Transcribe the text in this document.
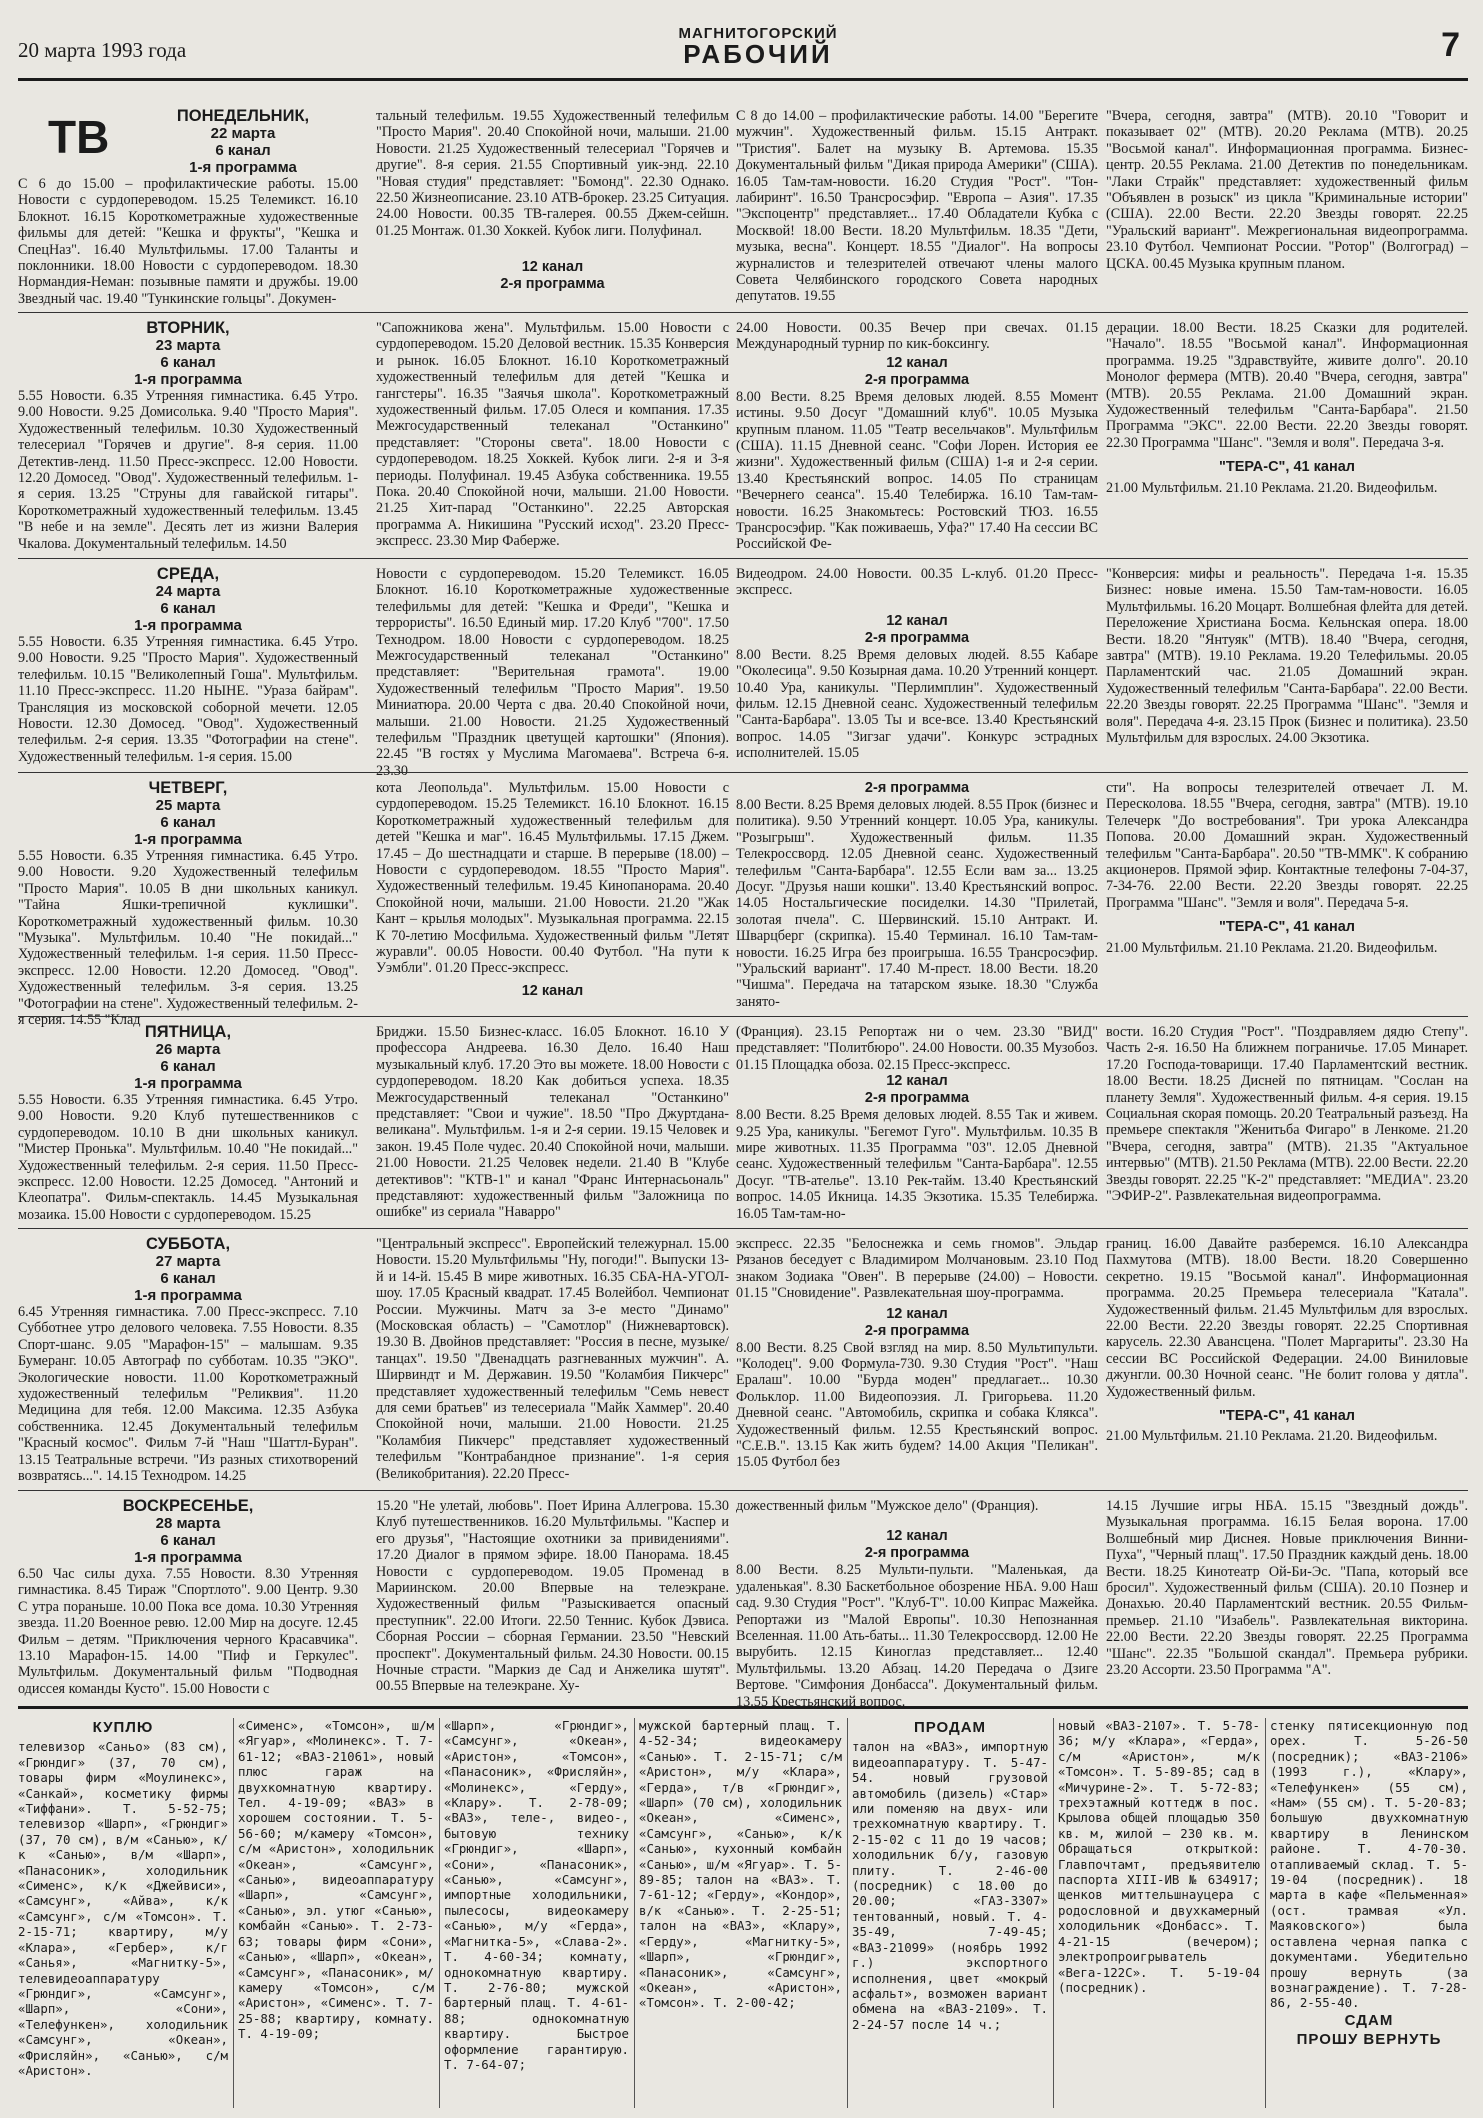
20 марта 1993 года
МАГНИТОГОРСКИЙ
РАБОЧИЙ	7
ТВ	ПОНЕДЕЛЬНИК,
22 марта
6 канал
1-я программа
С 6 до 15.00 – профилактические работы. 15.00 Новости с сурдопереводом. 15.25 Телемикст. 16.10 Блокнот. 16.15 Короткометражные художественные фильмы для детей: "Кешка и фрукты", "Кешка и СпецНаз". 16.40 Мультфильмы. 17.00 Таланты и поклонники. 18.00 Новости с сурдопереводом. 18.30 Нормандия-Неман: позывные памяти и дружбы. 19.00 Звездный час. 19.40 "Тункинские гольцы". Докумен-
тальный телефильм. 19.55 Художественный телефильм "Просто Мария". 20.40 Спокойной ночи, малыши. 21.00 Новости. 21.25 Художественный телесериал "Горячев и другие". 8-я серия. 21.55 Спортивный уик-энд. 22.10 "Новая студия" представляет: "Бомонд". 22.30 Однако. 22.50 Жизнеописание. 23.10 АТВ-брокер. 23.25 Ситуация. 24.00 Новости. 00.35 ТВ-галерея. 00.55 Джем-сейшн. 01.25 Монтаж. 01.30 Хоккей. Кубок лиги. Полуфинал.
12 канал
2-я программа
С 8 до 14.00 – профилактические работы. 14.00 "Берегите мужчин". Художественный фильм. 15.15 Антракт. "Тристия". Балет на музыку В. Артемова. 15.35 Документальный фильм "Дикая природа Америки" (США). 16.05 Там-там-новости. 16.20 Студия "Рост". "Тон-лабиринт". 16.50 Трансросэфир. "Европа – Азия". 17.35 "Экспоцентр" представляет... 17.40 Обладатели Кубка с Москвой! 18.00 Вести. 18.20 Мультфильм. 18.35 "Дети, музыка, весна". Концерт. 18.55 "Диалог". На вопросы журналистов и телезрителей отвечают члены малого Совета Челябинского городского Совета народных депутатов. 19.55
"Вчера, сегодня, завтра" (МТВ). 20.10 "Говорит и показывает 02" (МТВ). 20.20 Реклама (МТВ). 20.25 "Восьмой канал". Информационная программа. Бизнес-центр. 20.55 Реклама. 21.00 Детектив по понедельникам. "Лаки Страйк" представляет: художественный фильм "Объявлен в розыск" из цикла "Криминальные истории" (США). 22.00 Вести. 22.20 Звезды говорят. 22.25 "Уральский вариант". Межрегиональная видеопрограмма. 23.10 Футбол. Чемпионат России. "Ротор" (Волгоград) – ЦСКА. 00.45 Музыка крупным планом.
ВТОРНИК,
23 марта
6 канал
1-я программа
5.55 Новости. 6.35 Утренняя гимнастика. 6.45 Утро. 9.00 Новости. 9.25 Домисолька. 9.40 "Просто Мария". Художественный телефильм. 10.30 Художественный телесериал "Горячев и другие". 8-я серия. 11.00 Детектив-ленд. 11.50 Пресс-экспресс. 12.00 Новости. 12.20 Домосед. "Овод". Художественный телефильм. 1-я серия. 13.25 "Струны для гавайской гитары". Короткометражный художественный телефильм. 13.45 "В небе и на земле". Десять лет из жизни Валерия Чкалова. Документальный телефильм. 14.50
"Сапожникова жена". Мультфильм. 15.00 Новости с сурдопереводом. 15.20 Деловой вестник. 15.35 Конверсия и рынок. 16.05 Блокнот. 16.10 Короткометражный художественный телефильм для детей "Кешка и гангстеры". 16.35 "Заячья школа". Короткометражный художественный фильм. 17.05 Олеся и компания. 17.35 Межгосударственный телеканал "Останкино" представляет: "Стороны света". 18.00 Новости с сурдопереводом. 18.25 Хоккей. Кубок лиги. 2-я и 3-я периоды. Полуфинал. 19.45 Азбука собственника. 19.55 Пока. 20.40 Спокойной ночи, малыши. 21.00 Новости. 21.25 Хит-парад "Останкино". 22.25 Авторская программа А. Никишина "Русский исход". 23.20 Пресс-экспресс. 23.30 Мир Фаберже.
24.00 Новости. 00.35 Вечер при свечах. 01.15 Международный турнир по кик-боксингу.
12 канал
2-я программа
8.00 Вести. 8.25 Время деловых людей. 8.55 Момент истины. 9.50 Досуг "Домашний клуб". 10.05 Музыка крупным планом. 11.05 "Театр весельчаков". Мультфильм (США). 11.15 Дневной сеанс. "Софи Лорен. История ее жизни". Художественный фильм (США) 1-я и 2-я серии. 13.40 Крестьянский вопрос. 14.05 По страницам "Вечернего сеанса". 15.40 Телебиржа. 16.10 Там-там-новости. 16.25 Знакомьтесь: Ростовский ТЮЗ. 16.55 Трансросэфир. "Как поживаешь, Уфа?" 17.40 На сессии ВС Российской Фе-
дерации. 18.00 Вести. 18.25 Сказки для родителей. "Начало". 18.55 "Восьмой канал". Информационная программа. 19.25 "Здравствуйте, живите долго". 20.10 Монолог фермера (МТВ). 20.40 "Вчера, сегодня, завтра" (МТВ). 20.55 Реклама. 21.00 Домашний экран. Художественный телефильм "Санта-Барбара". 21.50 Программа "ЭКС". 22.00 Вести. 22.20 Звезды говорят. 22.30 Программа "Шанс". "Земля и воля". Передача 3-я.
"ТЕРА-С", 41 канал
21.00 Мультфильм. 21.10 Реклама. 21.20. Видеофильм.
СРЕДА,
24 марта
6 канал
1-я программа
5.55 Новости. 6.35 Утренняя гимнастика. 6.45 Утро. 9.00 Новости. 9.25 "Просто Мария". Художественный телефильм. 10.15 "Великолепный Гоша". Мультфильм. 11.10 Пресс-экспресс. 11.20 НЫНЕ. "Ураза байрам". Трансляция из московской соборной мечети. 12.05 Новости. 12.30 Домосед. "Овод". Художественный телефильм. 2-я серия. 13.35 "Фотографии на стене". Художественный телефильм. 1-я серия. 15.00
Новости с сурдопереводом. 15.20 Телемикст. 16.05 Блокнот. 16.10 Короткометражные художественные телефильмы для детей: "Кешка и Фреди", "Кешка и террористы". 16.50 Единый мир. 17.20 Клуб "700". 17.50 Технодром. 18.00 Новости с сурдопереводом. 18.25 Межгосударственный телеканал "Останкино" представляет: "Верительная грамота". 19.00 Художественный телефильм "Просто Мария". 19.50 Миниатюра. 20.00 Черта с два. 20.40 Спокойной ночи, малыши. 21.00 Новости. 21.25 Художественный телефильм "Праздник цветущей картошки" (Япония). 22.45 "В гостях у Муслима Магомаева". Встреча 6-я. 23.30
Видеодром. 24.00 Новости. 00.35 L-клуб. 01.20 Пресс-экспресс.
12 канал
2-я программа
8.00 Вести. 8.25 Время деловых людей. 8.55 Кабаре "Околесица". 9.50 Козырная дама. 10.20 Утренний концерт. 10.40 Ура, каникулы. "Перлимплин". Художественный фильм. 12.15 Дневной сеанс. Художественный телефильм "Санта-Барбара". 13.05 Ты и все-все. 13.40 Крестьянский вопрос. 14.05 "Зигзаг удачи". Конкурс эстрадных исполнителей. 15.05
"Конверсия: мифы и реальность". Передача 1-я. 15.35 Бизнес: новые имена. 15.50 Там-там-новости. 16.05 Мультфильмы. 16.20 Моцарт. Волшебная флейта для детей. Переложение Христиана Босма. Кельнская опера. 18.00 Вести. 18.20 "Янтуяк" (МТВ). 18.40 "Вчера, сегодня, завтра" (МТВ). 19.10 Реклама. 19.20 Телефильмы. 20.05 Парламентский час. 21.05 Домашний экран. Художественный телефильм "Санта-Барбара". 22.00 Вести. 22.20 Звезды говорят. 22.25 Программа "Шанс". "Земля и воля". Передача 4-я. 23.15 Прок (Бизнес и политика). 23.50 Мультфильм для взрослых. 24.00 Экзотика.
ЧЕТВЕРГ,
25 марта
6 канал
1-я программа
5.55 Новости. 6.35 Утренняя гимнастика. 6.45 Утро. 9.00 Новости. 9.20 Художественный телефильм "Просто Мария". 10.05 В дни школьных каникул. "Тайна Яшки-трепичной куклишки". Короткометражный художественный фильм. 10.30 "Музыка". Мультфильм. 10.40 "Не покидай..." Художественный телефильм. 1-я серия. 11.50 Пресс-экспресс. 12.00 Новости. 12.20 Домосед. "Овод". Художественный телефильм. 3-я серия. 13.25 "Фотографии на стене". Художественный телефильм. 2-я серия. 14.55 "Клад
кота Леопольда". Мультфильм. 15.00 Новости с сурдопереводом. 15.25 Телемикст. 16.10 Блокнот. 16.15 Короткометражный художественный телефильм для детей "Кешка и маг". 16.45 Мультфильмы. 17.15 Джем. 17.45 – До шестнадцати и старше. В перерыве (18.00) – Новости с сурдопереводом. 18.55 "Просто Мария". Художественный телефильм. 19.45 Кинопанорама. 20.40 Спокойной ночи, малыши. 21.00 Новости. 21.20 "Жак Кант – крылья молодых". Музыкальная программа. 22.15 К 70-летию Мосфильма. Художественный фильм "Летят журавли". 00.05 Новости. 00.40 Футбол. "На пути к Уэмбли". 01.20 Пресс-экспресс.
12 канал
2-я программа
8.00 Вести. 8.25 Время деловых людей. 8.55 Прок (бизнес и политика). 9.50 Утренний концерт. 10.05 Ура, каникулы. "Розыгрыш". Художественный фильм. 11.35 Телекроссворд. 12.05 Дневной сеанс. Художественный телефильм "Санта-Барбара". 12.55 Если вам за... 13.25 Досуг. "Друзья наши кошки". 13.40 Крестьянский вопрос. 14.05 Ностальгические посиделки. 14.30 "Прилетай, золотая пчела". С. Шервинский. 15.10 Антракт. И. Шварцберг (скрипка). 15.40 Терминал. 16.10 Там-там-новости. 16.25 Игра без проигрыша. 16.55 Трансросэфир. "Уральский вариант". 17.40 М-прест. 18.00 Вести. 18.20 "Чишма". Передача на татарском языке. 18.30 "Служба занято-
сти". На вопросы телезрителей отвечает Л. М. Пересколова. 18.55 "Вчера, сегодня, завтра" (МТВ). 19.10 Телечерк "До востребования". Три урока Александра Попова. 20.00 Домашний экран. Художественный телефильм "Санта-Барбара". 20.50 "ТВ-ММК". К собранию акционеров. Прямой эфир. Контактные телефоны 7-04-37, 7-34-76. 22.00 Вести. 22.20 Звезды говорят. 22.25 Программа "Шанс". "Земля и воля". Передача 5-я.
"ТЕРА-С", 41 канал
21.00 Мультфильм. 21.10 Реклама. 21.20. Видеофильм.
ПЯТНИЦА,
26 марта
6 канал
1-я программа
5.55 Новости. 6.35 Утренняя гимнастика. 6.45 Утро. 9.00 Новости. 9.20 Клуб путешественников с сурдопереводом. 10.10 В дни школьных каникул. "Мистер Пронька". Мультфильм. 10.40 "Не покидай..." Художественный телефильм. 2-я серия. 11.50 Пресс-экспресс. 12.00 Новости. 12.25 Домосед. "Антоний и Клеопатра". Фильм-спектакль. 14.45 Музыкальная мозаика. 15.00 Новости с сурдопереводом. 15.25
Бриджи. 15.50 Бизнес-класс. 16.05 Блокнот. 16.10 У профессора Андреева. 16.30 Дело. 16.40 Наш музыкальный клуб. 17.20 Это вы можете. 18.00 Новости с сурдопереводом. 18.20 Как добиться успеха. 18.35 Межгосударственный телеканал "Останкино" представляет: "Свои и чужие". 18.50 "Про Джуртдана-великана". Мультфильм. 1-я и 2-я серии. 19.15 Человек и закон. 19.45 Поле чудес. 20.40 Спокойной ночи, малыши. 21.00 Новости. 21.25 Человек недели. 21.40 В "Клубе детективов": "КТВ-1" и канал "Франс Интернасьональ" представляют: художественный фильм "Заложница по ошибке" из сериала "Наварро"
(Франция). 23.15 Репортаж ни о чем. 23.30 "ВИД" представляет: "Политбюро". 24.00 Новости. 00.35 Музобоз. 01.15 Площадка обоза. 02.15 Пресс-экспресс.
12 канал
2-я программа
8.00 Вести. 8.25 Время деловых людей. 8.55 Так и живем. 9.25 Ура, каникулы. "Бегемот Гуго". Мультфильм. 10.35 В мире животных. 11.35 Программа "03". 12.05 Дневной сеанс. Художественный телефильм "Санта-Барбара". 12.55 Досуг. "ТВ-ательe". 13.10 Рек-тайм. 13.40 Крестьянский вопрос. 14.05 Икница. 14.35 Экзотика. 15.35 Телебиржа. 16.05 Там-там-но-
вости. 16.20 Студия "Рост". "Поздравляем дядю Степу". Часть 2-я. 16.50 На ближнем пограничье. 17.05 Минарет. 17.20 Господа-товарищи. 17.40 Парламентский вестник. 18.00 Вести. 18.25 Дисней по пятницам. "Сослан на планету Земля". Художественный фильм. 4-я серия. 19.15 Социальная скорая помощь. 20.20 Театральный разъезд. На премьере спектакля "Женитьба Фигаро" в Ленкоме. 21.20 "Вчера, сегодня, завтра" (МТВ). 21.35 "Актуальное интервью" (МТВ). 21.50 Реклама (МТВ). 22.00 Вести. 22.20 Звезды говорят. 22.25 "К-2" представляет: "МЕДИА". 23.20 "ЭФИР-2". Развлекательная видеопрограмма.
СУББОТА,
27 марта
6 канал
1-я программа
6.45 Утренняя гимнастика. 7.00 Пресс-экспресс. 7.10 Субботнее утро делового человека. 7.55 Новости. 8.35 Спорт-шанс. 9.05 "Марафон-15" – малышам. 9.35 Бумеранг. 10.05 Автограф по субботам. 10.35 "ЭКО". Экологические новости. 11.00 Короткометражный художественный телефильм "Реликвия". 11.20 Медицина для тебя. 12.00 Максима. 12.35 Азбука собственника. 12.45 Документальный телефильм "Красный космос". Фильм 7-й "Наш "Шаттл-Буран". 13.15 Театральные встречи. "Из разных стихотворений возвратясь...". 14.15 Технодром. 14.25
"Центральный экспресс". Европейский тележурнал. 15.00 Новости. 15.20 Мультфильмы "Ну, погоди!". Выпуски 13-й и 14-й. 15.45 В мире животных. 16.35 СБА-НА-УГОЛ-шоу. 17.05 Красный квадрат. 17.45 Волейбол. Чемпионат России. Мужчины. Матч за 3-е место "Динамо" (Московская область) – "Самотлор" (Нижневартовск). 19.30 В. Двойнов представляет: "Россия в песне, музыке/танцах". 19.50 "Двенадцать разгневанных мужчин". А. Ширвиндт и М. Державин. 19.50 "Коламбия Пикчерс" представляет художественный телефильм "Семь невест для семи братьев" из телесериала "Майк Хаммер". 20.40 Спокойной ночи, малыши. 21.00 Новости. 21.25 "Коламбия Пикчерс" представляет художественный телефильм "Контрабандное признание". 1-я серия (Великобритания). 22.20 Пресс-
экспресс. 22.35 "Белоснежка и семь гномов". Эльдар Рязанов беседует с Владимиром Молчановым. 23.10 Под знаком Зодиака "Овен". В перерыве (24.00) – Новости. 01.15 "Сновидение". Развлекательная шоу-программа.
12 канал
2-я программа
8.00 Вести. 8.25 Свой взгляд на мир. 8.50 Мультипульти. "Колодец". 9.00 Формула-730. 9.30 Студия "Рост". "Наш Ералаш". 10.00 "Бурда моден" предлагает... 10.30 Фольклор. 11.00 Видеопоэзия. Л. Григорьева. 11.20 Дневной сеанс. "Автомобиль, скрипка и собака Клякса". Художественный фильм. 12.55 Крестьянский вопрос. "С.Е.В.". 13.15 Как жить будем? 14.00 Акция "Пеликан". 15.05 Футбол без
границ. 16.00 Давайте разберемся. 16.10 Александра Пахмутова (МТВ). 18.00 Вести. 18.20 Совершенно секретно. 19.15 "Восьмой канал". Информационная программа. 20.25 Премьера телесериала "Катала". Художественный фильм. 21.45 Мультфильм для взрослых. 22.00 Вести. 22.20 Звезды говорят. 22.25 Спортивная карусель. 22.30 Авансцена. "Полет Маргариты". 23.30 На сессии ВС Российской Федерации. 24.00 Виниловые джунгли. 00.30 Ночной сеанс. "Не болит голова у дятла". Художественный фильм.
"ТЕРА-С", 41 канал
21.00 Мультфильм. 21.10 Реклама. 21.20. Видеофильм.
ВОСКРЕСЕНЬЕ,
28 марта
6 канал
1-я программа
6.50 Час силы духа. 7.55 Новости. 8.30 Утренняя гимнастика. 8.45 Тираж "Спортлото". 9.00 Центр. 9.30 С утра пораньше. 10.00 Пока все дома. 10.30 Утренняя звезда. 11.20 Военное ревю. 12.00 Мир на досуге. 12.45 Фильм – детям. "Приключения черного Красавчика". 13.10 Марафон-15. 14.00 "Пиф и Геркулес". Мультфильм. Документальный фильм "Подводная одиссея команды Кусто". 15.00 Новости с
15.20 "Не улетай, любовь". Поет Ирина Аллегрова. 15.30 Клуб путешественников. 16.20 Мультфильмы. "Каспер и его друзья", "Настоящие охотники за привидениями". 17.20 Диалог в прямом эфире. 18.00 Панорама. 18.45 Новости с сурдопереводом. 19.05 Променад в Мариинском. 20.00 Впервые на телеэкране. Художественный фильм "Разыскивается опасный преступник". 22.00 Итоги. 22.50 Теннис. Кубок Дэвиса. Сборная России – сборная Германии. 23.50 "Невский проспект". Документальный фильм. 24.30 Новости. 00.15 Ночные страсти. "Маркиз де Сад и Анжелика шутят". 00.55 Впервые на телеэкране. Ху-
дожественный фильм "Мужское дело" (Франция).
12 канал
2-я программа
8.00 Вести. 8.25 Мульти-пульти. "Маленькая, да удаленькая". 8.30 Баскетбольное обозрение НБА. 9.00 Наш сад. 9.30 Студия "Рост". "Клуб-Т". 10.00 Кипрас Мажейка. Репортажи из "Малой Европы". 10.30 Непознанная Вселенная. 11.00 Ать-баты... 11.30 Телекроссворд. 12.00 Не вырубить. 12.15 Киноглаз представляет... 12.40 Мультфильмы. 13.20 Абзац. 14.20 Передача о Дзиге Вертове. "Симфония Донбасса". Документальный фильм. 13.55 Крестьянский вопрос.
14.15 Лучшие игры НБА. 15.15 "Звездный дождь". Музыкальная программа. 16.15 Белая ворона. 17.00 Волшебный мир Диснея. Новые приключения Винни-Пуха", "Черный плащ". 17.50 Праздник каждый день. 18.00 Вести. 18.25 Кинотеатр Ой-Би-Эс. "Папа, который все бросил". Художественный фильм (США). 20.10 Познер и Донахью. 20.40 Парламентский вестник. 20.55 Фильм-премьер. 21.10 "Изабель". Развлекательная викторина. 22.00 Вести. 22.20 Звезды говорят. 22.25 Программа "Шанс". 22.35 "Большой скандал". Премьера рубрики. 23.20 Ассорти. 23.50 Программа "А".
КУПЛЮ
телевизор «Саньо» (83 см), «Грюндиг» (37, 70 см), товары фирм «Моулинекс», «Санкай», косметику фирмы «Тиффани». Т. 5-52-75; телевизор «Шарп», «Грюндиг» (37, 70 см), в/м «Санью», к/к «Санью», в/м «Шарп», «Панасоник», холодильник «Сименс», к/к «Джейвиси», «Самсунг», «Айва», к/к «Самсунг», с/м «Томсон». Т. 2-15-71; квартиру, м/у «Клара», «Гербер», к/г «Санья», «Магнитку-5», телевидеоаппаратуру «Грюндиг», «Самсунг», «Шарп», «Сони», «Телефункен», холодильник «Самсунг», «Океан», «Фрисляйн», «Санью», с/м «Аристон».
«Сименс», «Томсон», ш/м «Ягуар», «Молинекс». Т. 7-61-12; «ВАЗ-21061», новый плюс гараж на двухкомнатную квартиру. Тел. 4-19-09; «ВАЗ» в хорошем состоянии. Т. 5-56-60; м/камеру «Томсон», с/м «Аристон», холодильник «Океан», «Самсунг», «Санью», видеоаппаратуру «Шарп», «Самсунг», «Санью», эл. утюг «Санью», комбайн «Санью». Т. 2-73-63; товары фирм «Сони», «Санью», «Шарп», «Океан», «Самсунг», «Панасоник», м/камеру «Томсон», с/м «Аристон», «Сименс». Т. 7-25-88; квартиру, комнату. Т. 4-19-09;
«Шарп», «Грюндиг», «Самсунг», «Океан», «Аристон», «Томсон», «Панасоник», «Фрисляйн», «Молинекс», «Гердy», «Клару». Т. 2-78-09; «ВАЗ», теле-, видео-, бытовую технику «Грюндиг», «Шарп», «Сони», «Панасоник», «Санью», «Самсунг», импортные холодильники, пылесосы, видеокамеру «Санью», м/у «Гердa», «Магнитка-5», «Слава-2». Т. 4-60-34; комнату, однокомнатную квартиру. Т. 2-76-80; мужской бартерный плащ. Т. 4-61-88; однокомнатную квартиру. Быстрое оформление гарантирую. Т. 7-64-07;
мужской бартерный плащ. Т. 4-52-34; видеокамеру «Санью». Т. 2-15-71; с/м «Аристон», м/у «Клара», «Гердa», т/в «Грюндиг», «Шарп» (70 см), холодильник «Океан», «Сименс», «Самсунг», «Санью», к/к «Санью», кухонный комбайн «Санью», ш/м «Ягуар». Т. 5-89-85; талон на «ВАЗ». Т. 7-61-12; «Гердy», «Кондор», в/к «Санью». Т. 2-25-51; талон на «ВАЗ», «Клару», «Гердy», «Магнитку-5», «Шарп», «Грюндиг», «Панасоник», «Самсунг», «Океан», «Аристон», «Томсон». Т. 2-00-42;
ПРОДАМ
талон на «ВАЗ», импортную видеоаппаратуру. Т. 5-47-54. новый грузовой автомобиль (дизель) «Стар» или поменяю на двух- или трехкомнатную квартиру. Т. 2-15-02 с 11 до 19 часов; холодильник б/у, газовую плиту. Т. 2-46-00 (посредник) с 18.00 до 20.00; «ГАЗ-3307» тентованный, новый. Т. 4-35-49, 7-49-45; «ВАЗ-21099» (ноябрь 1992 г.) экспортного исполнения, цвет «мокрый асфальт», возможен вариант обмена на «ВАЗ-2109». Т. 2-24-57 после 14 ч.;
новый «ВАЗ-2107». Т. 5-78-36; м/у «Клара», «Гердa», с/м «Аристон», м/к «Томсон». Т. 5-89-85; сад в «Мичурине-2». Т. 5-72-83; трехэтажный коттедж в пос. Крылова общей площадью 350 кв. м, жилой – 230 кв. м. Обращаться открыткой: Главпочтамт, предъявителю паспорта XIII-ИВ № 634917; щенков миттельшнауцера с родословной и двухкамерный холодильник «Донбасс». Т. 4-21-15 (вечером); электропроигрыватель «Вега-122С». Т. 5-19-04 (посредник).
стенку пятисекционную под орех. Т. 5-26-50 (посредник); «ВАЗ-2106» (1993 г.), «Клару», «Телефункен» (55 см), «Нам» (55 см). Т. 5-20-83; большую двухкомнатную квартиру в Ленинском районе. Т. 4-70-30. отапливаемый склад. Т. 5-19-04 (посредник). 18 марта в кафе «Пельменная» (ост. трамвая «Ул. Маяковского») была оставлена черная папка с документами. Убедительно прошу вернуть (за вознаграждение). Т. 7-28-86, 2-55-40.
СДАМ
ПРОШУ ВЕРНУТЬ
